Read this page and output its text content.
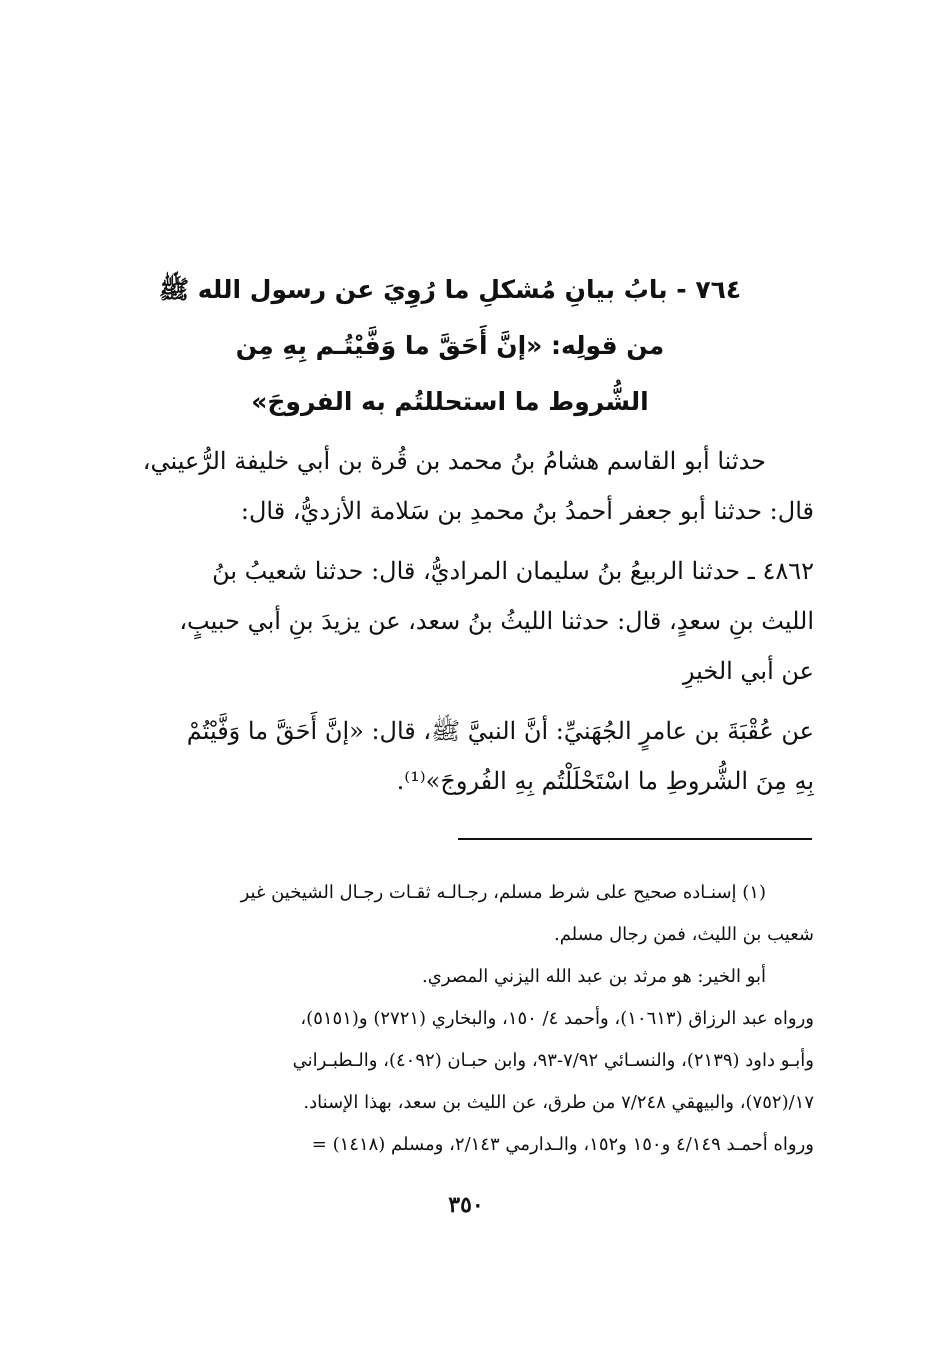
٧٦٤ - بابُ بيانِ مُشكلِ ما رُوِيَ عن رسول الله ﷺ
من قولِه: «إنَّ أَحَقَّ ما وَفَّيْتُـم بِهِ مِن
الشُّروط ما استحللتُم به الفروجَ»
حدثنا أبو القاسم هشامُ بنُ محمد بن قُرة بن أبي خليفة الرُّعيني،
قال: حدثنا أبو جعفر أحمدُ بنُ محمدِ بن سَلامة الأزديُّ، قال:
٤٨٦٢ ـ حدثنا الربيعُ بنُ سليمان المراديُّ، قال: حدثنا شعيبُ بنُ
الليث بنِ سعدٍ، قال: حدثنا الليثُ بنُ سعد، عن يزيدَ بنِ أبي حبيبٍ،
عن أبي الخيرِ
عن عُقْبَةَ بن عامرٍ الجُهَنيِّ: أنَّ النبيَّ ﷺ، قال: «إنَّ أَحَقَّ ما وَفَّيْتُمْ
بِهِ مِنَ الشُّروطِ ما اسْتَحْلَلْتُم بِهِ الفُروجَ»⁽¹⁾.
(١) إسنـاده صحيح على شرط مسلم، رجـالـه ثقـات رجـال الشيخين غير
شعيب بن الليث، فمن رجال مسلم.
أبو الخير: هو مرثد بن عبد الله اليزني المصري.
ورواه عبد الرزاق (١٠٦١٣)، وأحمد ٤/ ١٥٠، والبخاري (٢٧٢١) و(٥١٥١)،
وأبـو داود (٢١٣٩)، والنسـائي ٧/٩٢-٩٣، وابن حبـان (٤٠٩٢)، والـطبـراني
١٧/(٧٥٢)، والبيهقي ٧/٢٤٨ من طرق، عن الليث بن سعد، بهذا الإسناد.
ورواه أحمـد ٤/١٤٩ و١٥٠ و١٥٢، والـدارمي ٢/١٤٣، ومسلم (١٤١٨) =
٣٥٠
